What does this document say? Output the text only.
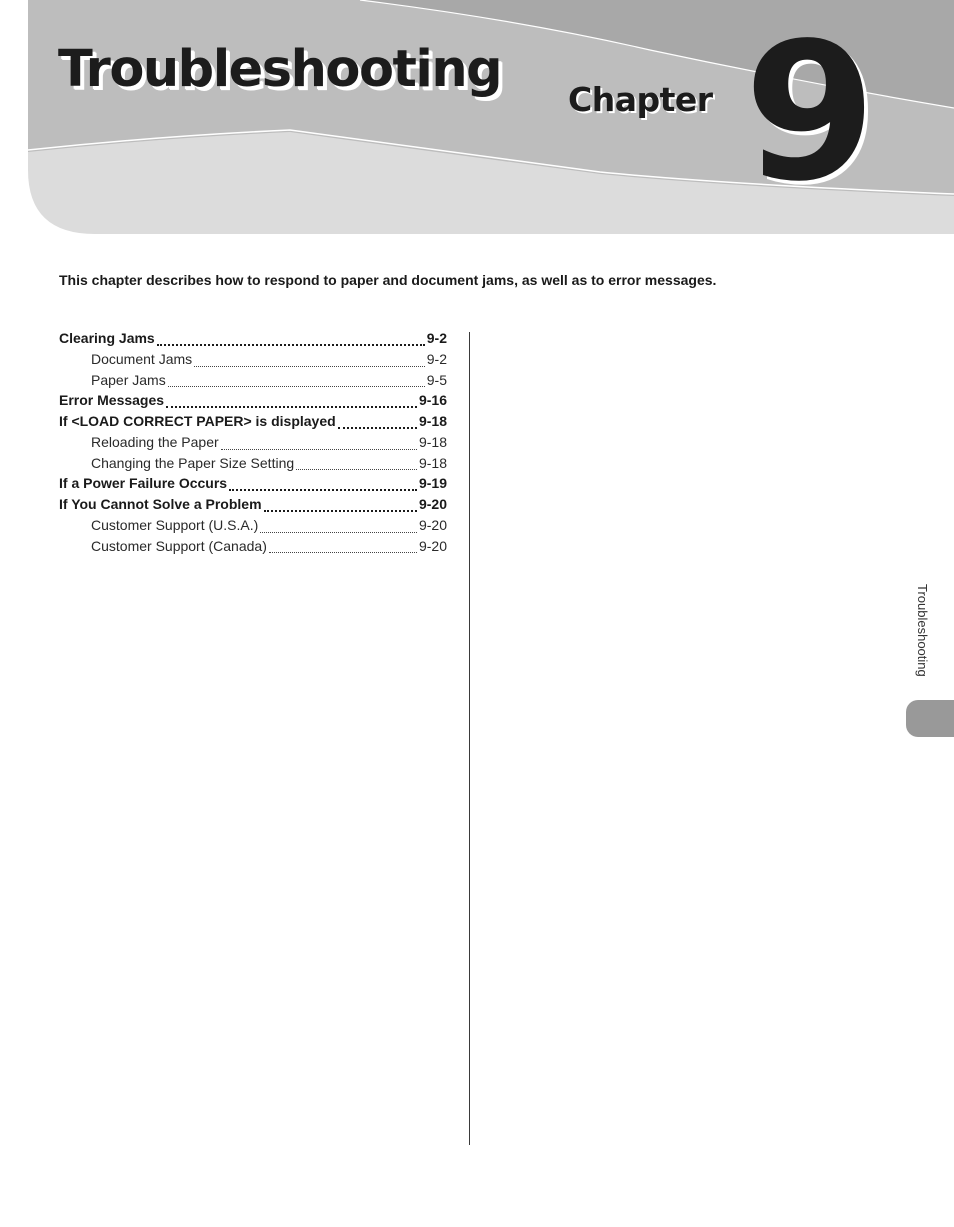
Troubleshooting
Chapter 9

This chapter describes how to respond to paper and document jams, as well as to error messages.

Clearing Jams	9-2
Document Jams	9-2
Paper Jams	9-5
Error Messages	9-16
If <LOAD CORRECT PAPER> is displayed	9-18
Reloading the Paper	9-18
Changing the Paper Size Setting	9-18
If a Power Failure Occurs	9-19
If You Cannot Solve a Problem	9-20
Customer Support (U.S.A.)	9-20
Customer Support (Canada)	9-20
Troubleshooting
